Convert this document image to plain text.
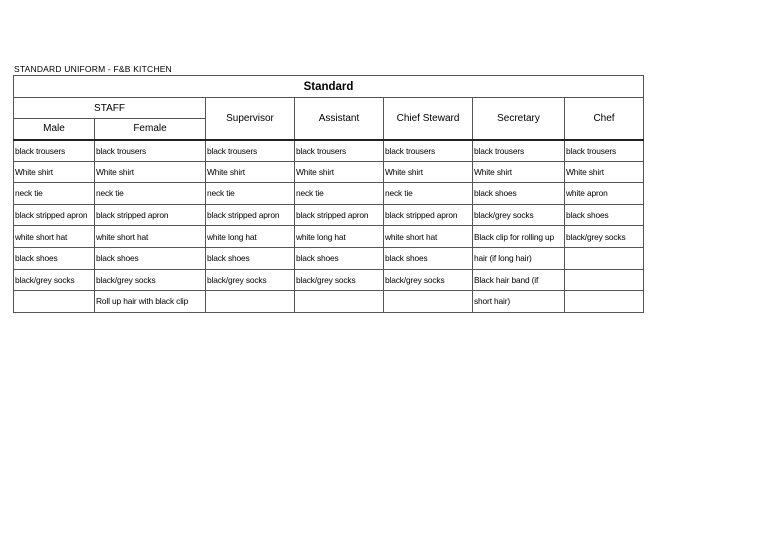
STANDARD UNIFORM - F&B KITCHEN
Standard						
STAFF		Supervisor	Assistant	Chief Steward	Secretary	Chef
Male	Female					
black trousers	black trousers	black trousers	black trousers	black trousers	black trousers	black trousers
White shirt	White shirt	White shirt	White shirt	White shirt	White shirt	White shirt
neck tie	neck tie	neck tie	neck tie	neck tie	black shoes	white apron
black stripped apron	black stripped apron	black stripped apron	black stripped apron	black stripped apron	black/grey socks	black shoes
white short hat	white short hat	white long hat	white long hat	white short hat	Black clip for rolling up	black/grey socks
black shoes	black shoes	black shoes	black shoes	black shoes	hair (if long hair)	
black/grey socks	black/grey socks	black/grey socks	black/grey socks	black/grey socks	Black hair band (if	
	Roll up hair with black clip				short hair)	
